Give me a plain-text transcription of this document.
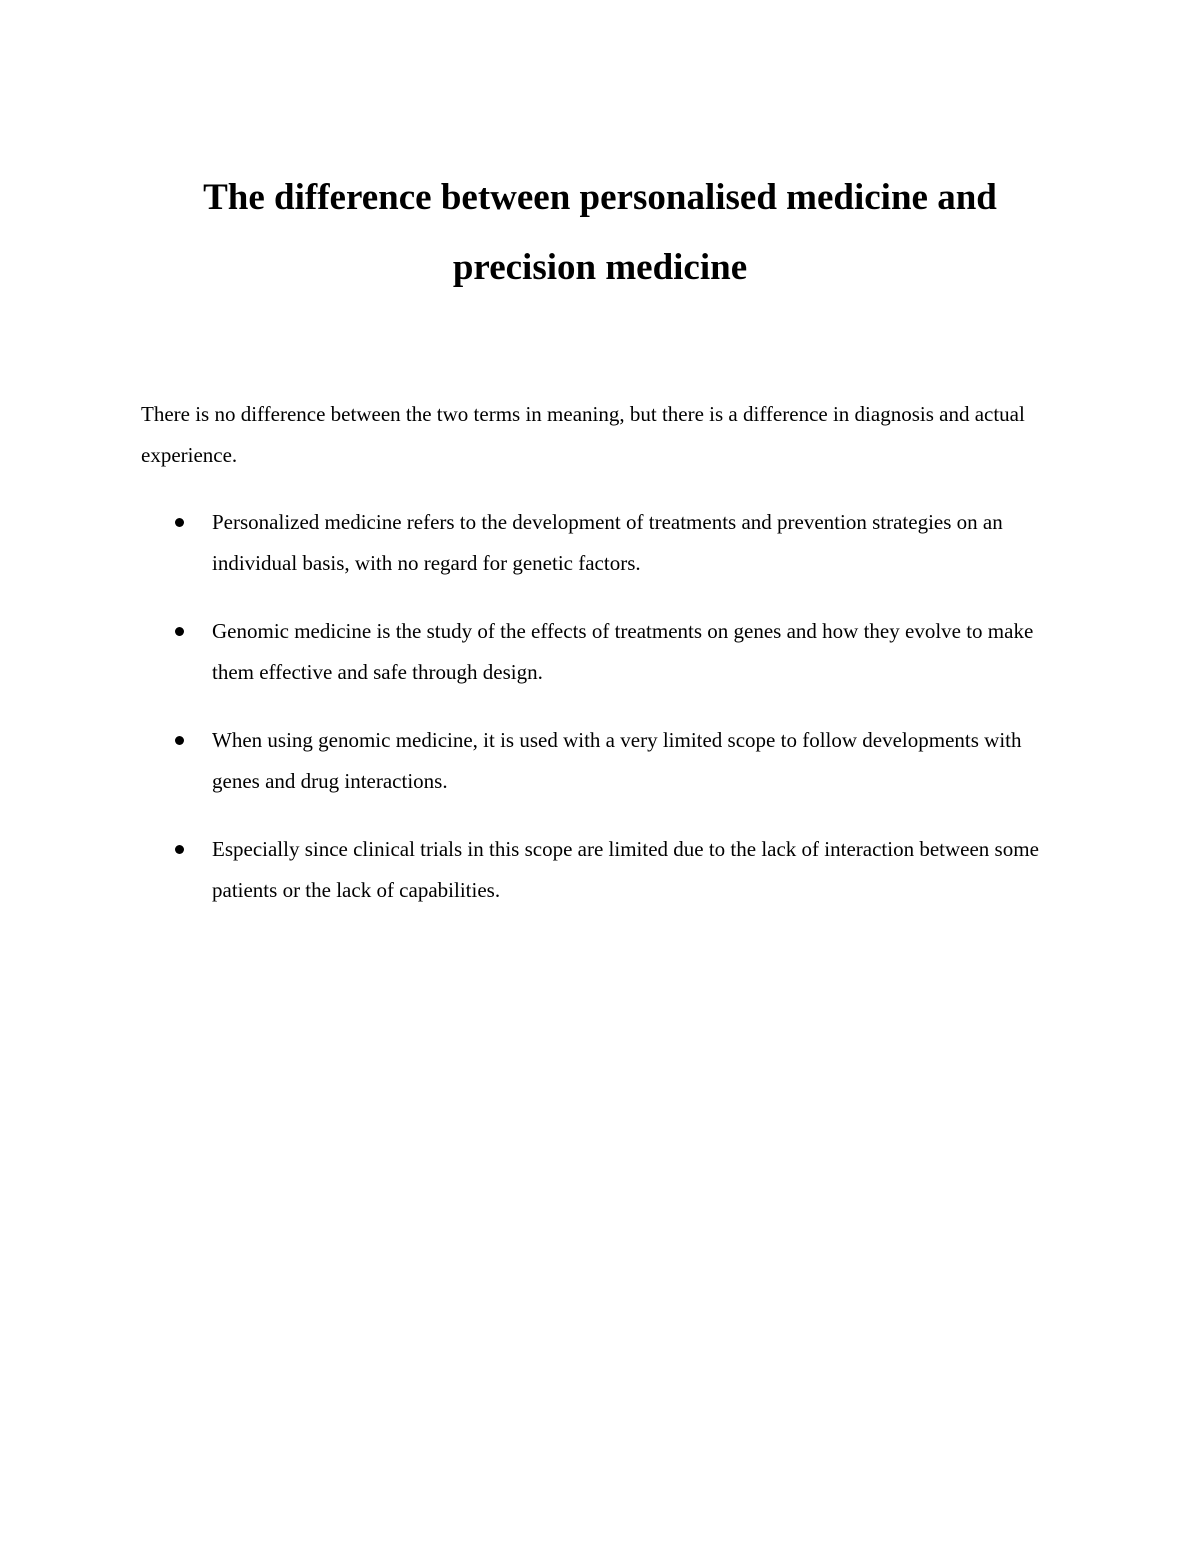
The difference between personalised medicine and precision medicine

There is no difference between the two terms in meaning, but there is a difference in diagnosis and actual experience.

Personalized medicine refers to the development of treatments and prevention strategies on an individual basis, with no regard for genetic factors.
Genomic medicine is the study of the effects of treatments on genes and how they evolve to make them effective and safe through design.
When using genomic medicine, it is used with a very limited scope to follow developments with genes and drug interactions.
Especially since clinical trials in this scope are limited due to the lack of interaction between some patients or the lack of capabilities.
